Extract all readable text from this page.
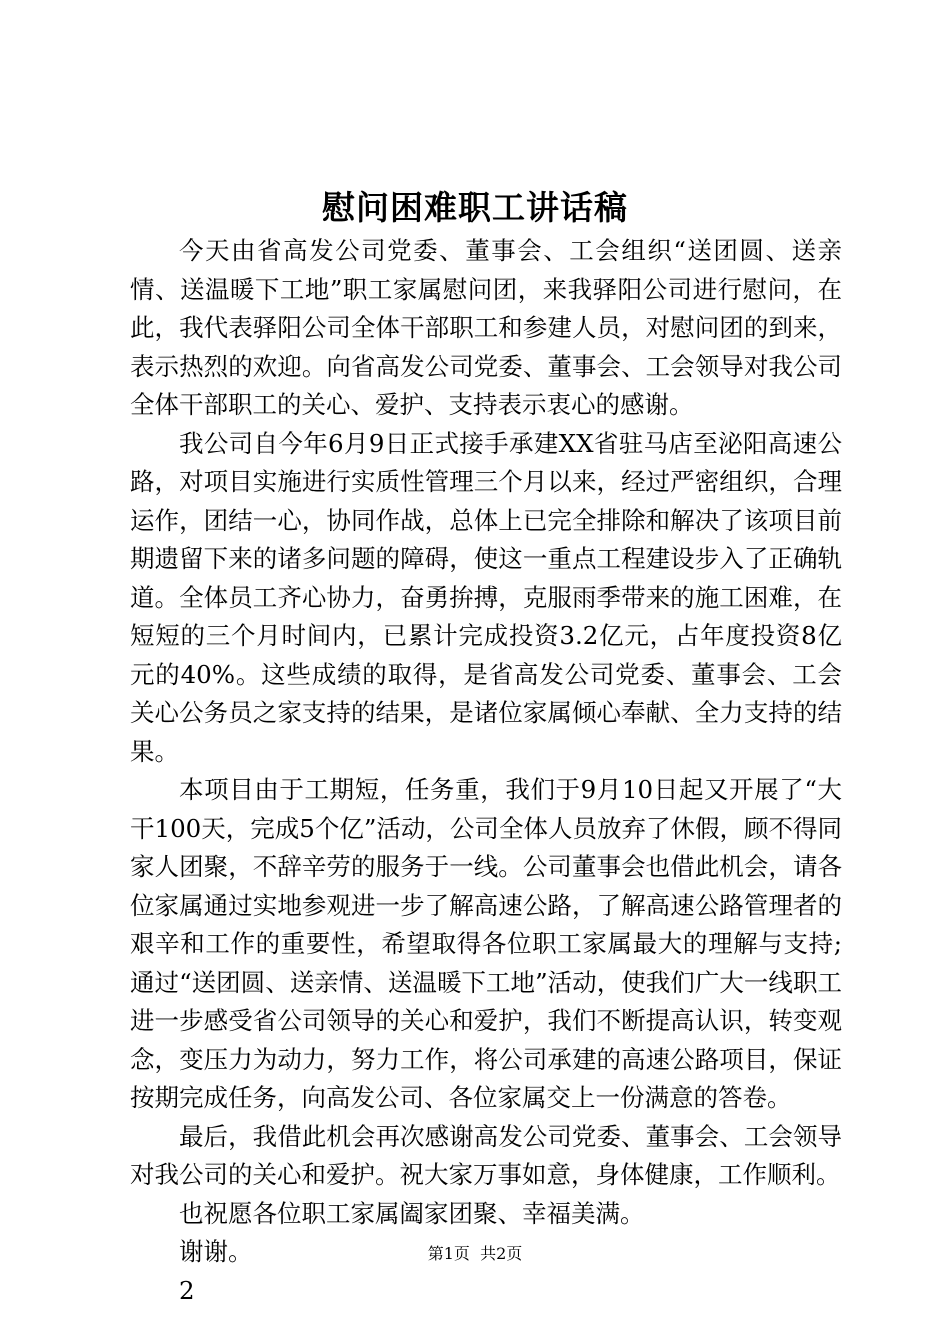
慰问困难职工讲话稿

今天由省高发公司党委、董事会、工会组织“送团圆、送亲情、送温暖下工地”职工家属慰问团，来我驿阳公司进行慰问，在此，我代表驿阳公司全体干部职工和参建人员，对慰问团的到来，表示热烈的欢迎。向省高发公司党委、董事会、工会领导对我公司全体干部职工的关心、爱护、支持表示衷心的感谢。

我公司自今年6月9日正式接手承建XX省驻马店至泌阳高速公路，对项目实施进行实质性管理三个月以来，经过严密组织，合理运作，团结一心，协同作战，总体上已完全排除和解决了该项目前期遗留下来的诸多问题的障碍，使这一重点工程建设步入了正确轨道。全体员工齐心协力，奋勇拚搏，克服雨季带来的施工困难，在短短的三个月时间内，已累计完成投资3.2亿元，占年度投资8亿元的40%。这些成绩的取得，是省高发公司党委、董事会、工会关心公务员之家支持的结果，是诸位家属倾心奉献、全力支持的结果。

本项目由于工期短，任务重，我们于9月10日起又开展了“大干100天，完成5个亿”活动，公司全体人员放弃了休假，顾不得同家人团聚，不辞辛劳的服务于一线。公司董事会也借此机会，请各位家属通过实地参观进一步了解高速公路，了解高速公路管理者的艰辛和工作的重要性，希望取得各位职工家属最大的理解与支持;通过“送团圆、送亲情、送温暖下工地”活动，使我们广大一线职工进一步感受省公司领导的关心和爱护，我们不断提高认识，转变观念，变压力为动力，努力工作，将公司承建的高速公路项目，保证按期完成任务，向高发公司、各位家属交上一份满意的答卷。

最后，我借此机会再次感谢高发公司党委、董事会、工会领导对我公司的关心和爱护。祝大家万事如意，身体健康，工作顺利。

也祝愿各位职工家属阖家团聚、幸福美满。

谢谢。

2

第1页  共2页
